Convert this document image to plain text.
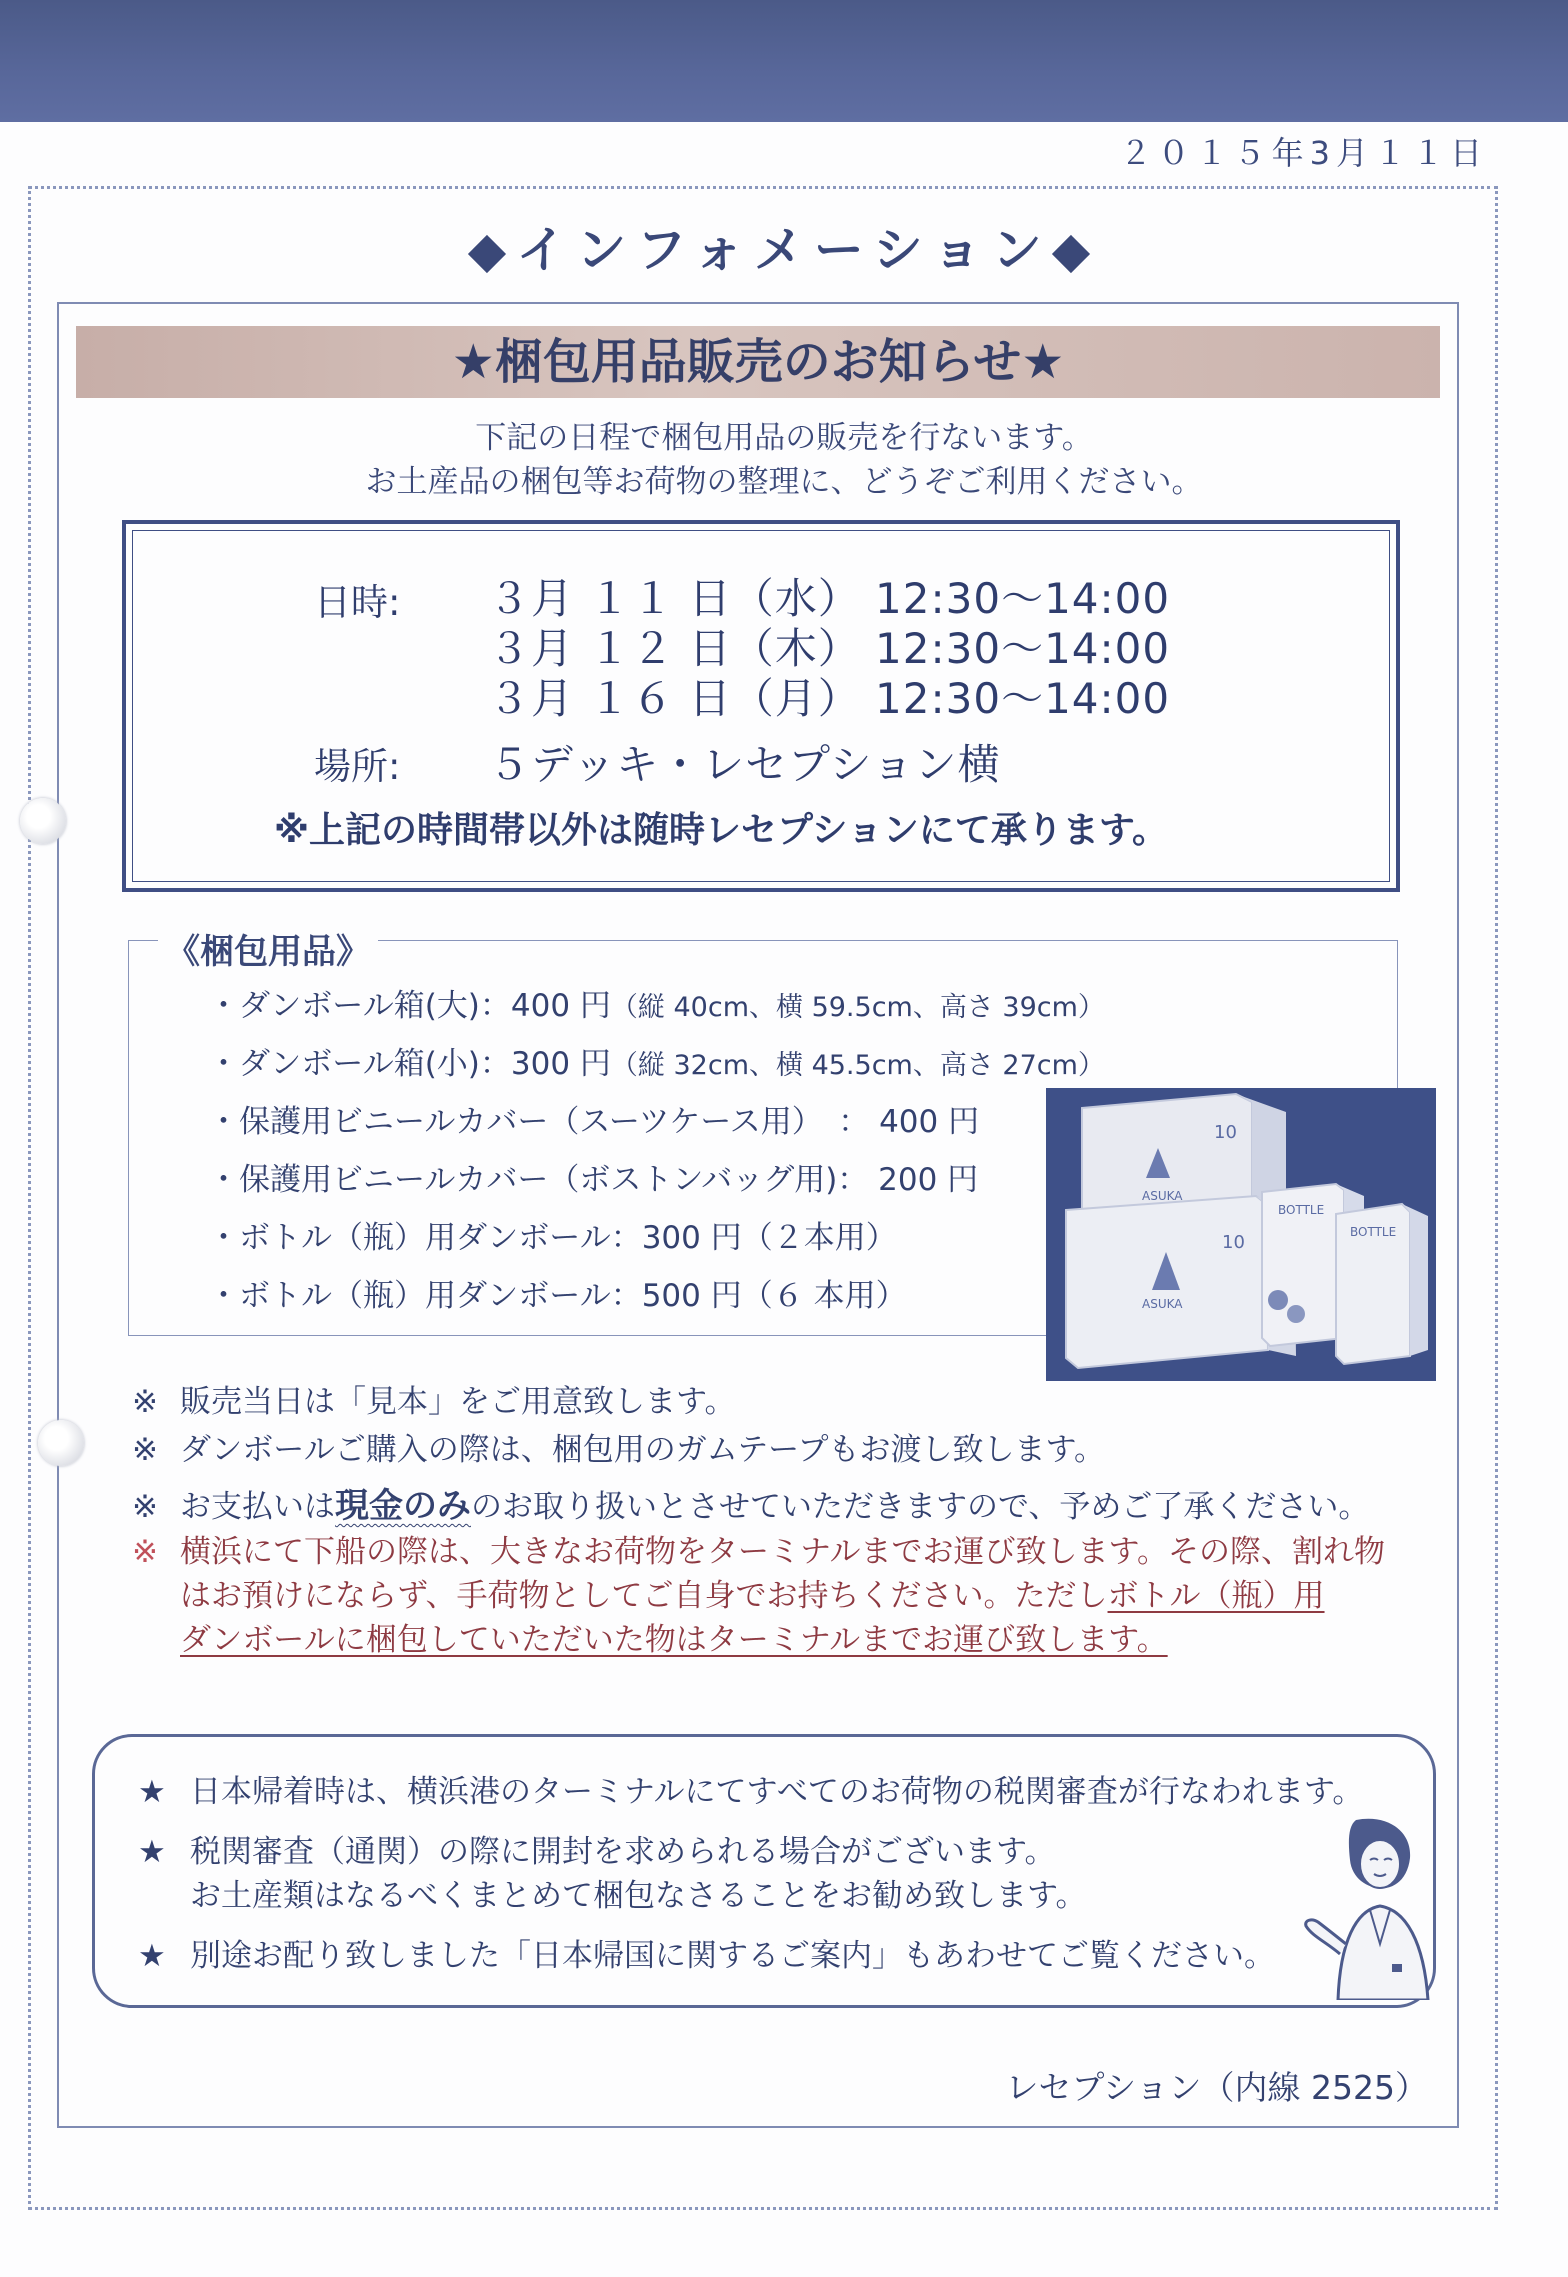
２０１５年3月１１日
◆インフォメーション◆
★梱包用品販売のお知らせ★
下記の日程で梱包用品の販売を行ないます。
お土産品の梱包等お荷物の整理に、どうぞご利用ください。
日時: ３月 １１ 日（水） 12:30～14:00
３月 １２ 日（木） 12:30～14:00
３月 １６ 日（月） 12:30～14:00
場所: ５デッキ・レセプション横
※上記の時間帯以外は随時レセプションにて承ります。
《梱包用品》
・ダンボール箱(大)：400 円（縦 40cm、横 59.5cm、高さ 39cm）
・ダンボール箱(小)：300 円（縦 32cm、横 45.5cm、高さ 27cm）
・保護用ビニールカバー（スーツケース用）　： 400 円
・保護用ビニールカバー（ボストンバッグ用)： 200 円
・ボトル（瓶）用ダンボール：300 円（２本用）
・ボトル（瓶）用ダンボール：500 円（６ 本用）
10
10
ASUKA
ASUKA
BOTTLE
BOTTLE
※ 販売当日は「見本」をご用意致します。
※ ダンボールご購入の際は、梱包用のガムテープもお渡し致します。
※ お支払いは現金のみのお取り扱いとさせていただきますので、予めご了承ください。
※ 横浜にて下船の際は、大きなお荷物をターミナルまでお運び致します。その際、割れ物
はお預けにならず、手荷物としてご自身でお持ちください。ただしボトル（瓶）用
ダンボールに梱包していただいた物はターミナルまでお運び致します。
★ 日本帰着時は、横浜港のターミナルにてすべてのお荷物の税関審査が行なわれます。
★ 税関審査（通関）の際に開封を求められる場合がございます。
お土産類はなるべくまとめて梱包なさることをお勧め致します。
★ 別途お配り致しました「日本帰国に関するご案内」もあわせてご覧ください。
レセプション（内線 2525）
